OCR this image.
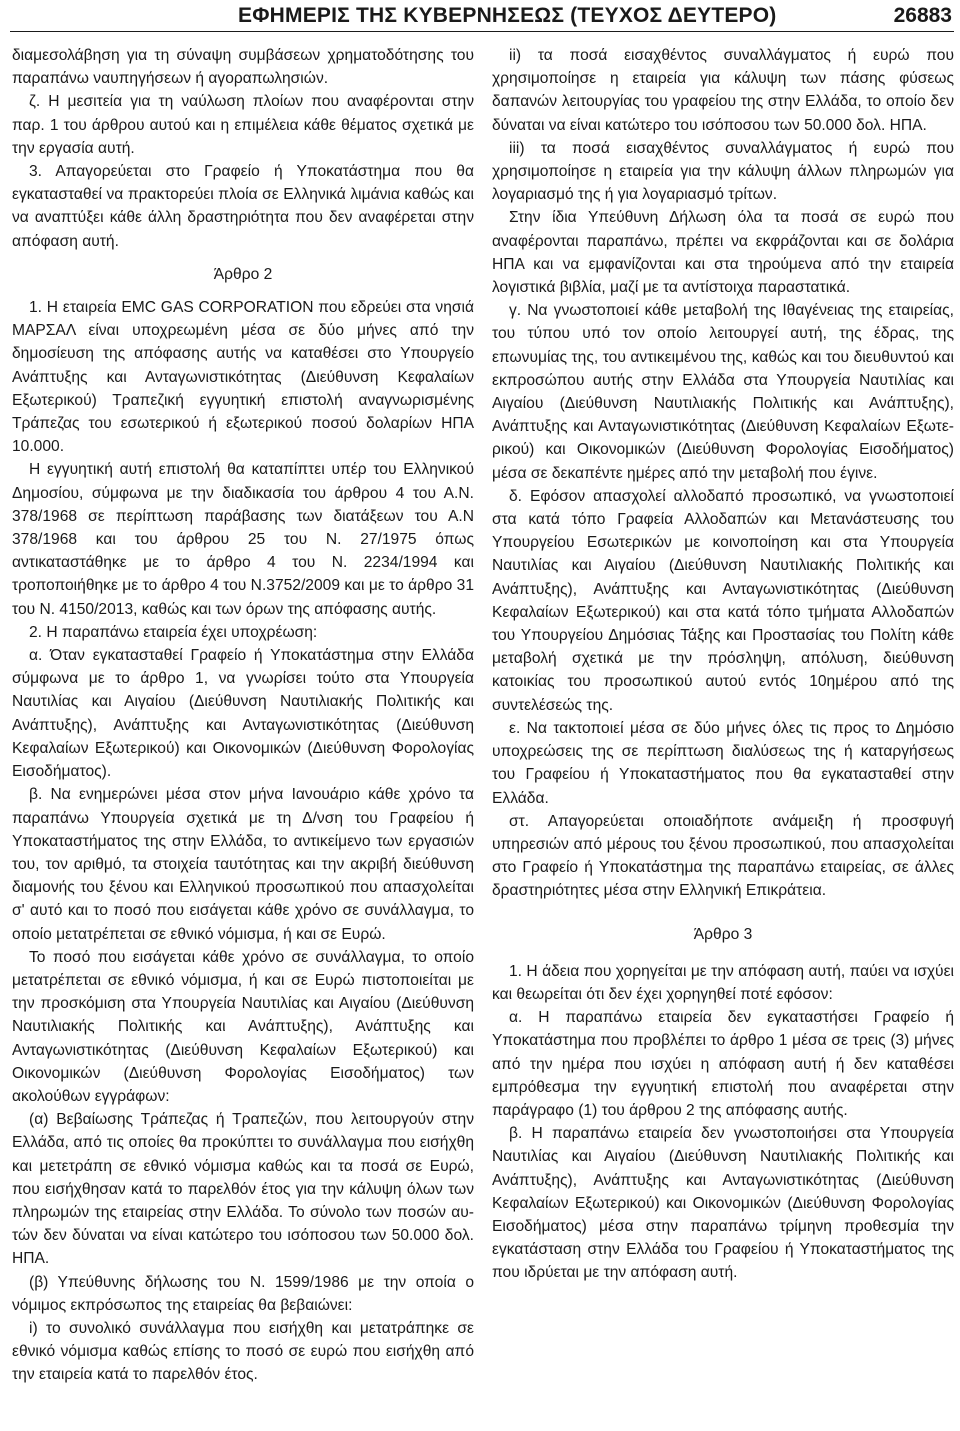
ΕΦΗΜΕΡΙΣ ΤΗΣ ΚΥΒΕΡΝΗΣΕΩΣ (ΤΕΥΧΟΣ ΔΕΥΤΕΡΟ)	26883

διαμεσολάβηση για τη σύναψη συμβάσεων χρηματοδότησης του παραπάνω ναυπηγήσεων ή αγοραπωλησιών.

ζ. Η μεσιτεία για τη ναύλωση πλοίων που αναφέρονται στην παρ. 1 του άρθρου αυτού και η επιμέλεια κάθε θέματος σχετικά με την εργασία αυτή.

3. Απαγορεύεται στο Γραφείο ή Υποκατάστημα που θα εγκατασταθεί να πρακτορεύει πλοία σε Ελληνικά λιμάνια καθώς και να αναπτύξει κάθε άλλη δραστηριότητα που δεν αναφέρεται στην απόφαση αυτή.

Άρθρο 2

1. Η εταιρεία EMC GAS CORPORATION που εδρεύει στα νησιά ΜΑΡΣΑΛ είναι υποχρεωμένη μέσα σε δύο μήνες από την δημοσίευση της απόφασης αυτής να καταθέσει στο Υπουργείο Ανάπτυξης και Ανταγωνιστικότητας (Διεύθυνση Κεφαλαίων Εξωτερικού) Τραπεζική εγγυητική επιστολή αναγνωρισμένης Τράπεζας του εσωτερικού ή εξωτερικού ποσού δολαρίων ΗΠΑ 10.000.

Η εγγυητική αυτή επιστολή θα καταπίπτει υπέρ του Ελληνικού Δημοσίου, σύμφωνα με την διαδικασία του άρθρου 4 του Α.Ν. 378/1968 σε περίπτωση παράβασης των διατάξεων του Α.Ν 378/1968 και του άρθρου 25 του Ν. 27/1975 όπως αντικαταστάθηκε με το άρθρο 4 του Ν. 2234/1994 και τροποποιήθηκε με το άρθρο 4 του Ν.3752/2009 και με το άρθρο 31 του Ν. 4150/2013, καθώς και των όρων της απόφασης αυτής.

2. Η παραπάνω εταιρεία έχει υποχρέωση:

α. Όταν εγκατασταθεί Γραφείο ή Υποκατάστημα στην Ελλάδα σύμφωνα με το άρθρο 1, να γνωρίσει τούτο στα Υπουργεία Ναυτιλίας και Αιγαίου (Διεύθυνση Ναυτιλιακής Πολιτικής και Ανάπτυξης), Ανάπτυξης και Ανταγωνιστικότητας (Διεύθυνση Κεφαλαίων Εξωτερικού) και Οικονομικών (Διεύθυνση Φορολογίας Εισοδήματος).

β. Να ενημερώνει μέσα στον μήνα Ιανουάριο κάθε χρόνο τα παραπάνω Υπουργεία σχετικά με τη Δ/νση του Γραφείου ή Υποκαταστήματος της στην Ελλάδα, το αντικείμενο των εργασιών του, τον αριθμό, τα στοιχεία ταυτότητας και την ακριβή διεύθυνση διαμονής του ξένου και Ελληνικού προσωπικού που απασχολείται σ' αυτό και το ποσό που εισάγεται κάθε χρόνο σε συνάλλαγμα, το οποίο μετατρέπεται σε εθνικό νόμισμα, ή και σε Ευρώ.

Το ποσό που εισάγεται κάθε χρόνο σε συνάλλαγμα, το οποίο μετατρέπεται σε εθνικό νόμισμα, ή και σε Ευρώ πιστοποιείται με την προσκόμιση στα Υπουργεία Ναυτιλίας και Αιγαίου (Διεύθυνση Ναυτιλιακής Πολιτικής και Ανάπτυξης), Ανάπτυξης και Ανταγωνιστικότητας (Διεύθυνση Κεφαλαίων Εξωτερικού) και Οικονομικών (Διεύθυνση Φορολογίας Εισοδήματος) των ακολούθων εγγράφων:

(α) Βεβαίωσης Τράπεζας ή Τραπεζών, που λειτουργούν στην Ελλάδα, από τις οποίες θα προκύπτει το συνάλλαγμα που εισήχθη και μετετράπη σε εθνικό νόμισμα καθώς και τα ποσά σε Ευρώ, που εισήχθησαν κατά το παρελθόν έτος για την κάλυψη όλων των πληρωμών της εταιρείας στην Ελλάδα. Το σύνολο των ποσών αυτών δεν δύναται να είναι κατώτερο του ισόποσου των 50.000 δολ. ΗΠΑ.

(β) Υπεύθυνης δήλωσης του Ν. 1599/1986 με την οποία ο νόμιμος εκπρόσωπος της εταιρείας θα βεβαιώνει:

i) το συνολικό συνάλλαγμα που εισήχθη και μετατράπηκε σε εθνικό νόμισμα καθώς επίσης το ποσό σε ευρώ που εισήχθη από την εταιρεία κατά το παρελθόν έτος.

ii) τα ποσά εισαχθέντος συναλλάγματος ή ευρώ που χρησιμοποίησε η εταιρεία για κάλυψη των πάσης φύσεως δαπανών λειτουργίας του γραφείου της στην Ελλάδα, το οποίο δεν δύναται να είναι κατώτερο του ισόποσου των 50.000 δολ. ΗΠΑ.

iii) τα ποσά εισαχθέντος συναλλάγματος ή ευρώ που χρησιμοποίησε η εταιρεία για την κάλυψη άλλων πληρωμών για λογαριασμό της ή για λογαριασμό τρίτων.

Στην ίδια Υπεύθυνη Δήλωση όλα τα ποσά σε ευρώ που αναφέρονται παραπάνω, πρέπει να εκφράζονται και σε δολάρια ΗΠΑ και να εμφανίζονται και στα τηρούμενα από την εταιρεία λογιστικά βιβλία, μαζί με τα αντίστοιχα παραστατικά.

γ. Να γνωστοποιεί κάθε μεταβολή της Ιθαγένειας της εταιρείας, του τύπου υπό τον οποίο λειτουργεί αυτή, της έδρας, της επωνυμίας της, του αντικειμένου της, καθώς και του διευθυντού και εκπροσώπου αυτής στην Ελλάδα στα Υπουργεία Ναυτιλίας και Αιγαίου (Διεύθυνση Ναυτιλιακής Πολιτικής και Ανάπτυξης), Ανάπτυξης και Ανταγωνιστικότητας (Διεύθυνση Κεφαλαίων Εξωτερικού) και Οικονομικών (Διεύθυνση Φορολογίας Εισοδήματος) μέσα σε δεκαπέντε ημέρες από την μεταβολή που έγινε.

δ. Εφόσον απασχολεί αλλοδαπό προσωπικό, να γνωστοποιεί στα κατά τόπο Γραφεία Αλλοδαπών και Μετανάστευσης του Υπουργείου Εσωτερικών με κοινοποίηση και στα Υπουργεία Ναυτιλίας και Αιγαίου (Διεύθυνση Ναυτιλιακής Πολιτικής και Ανάπτυξης), Ανάπτυξης και Ανταγωνιστικότητας (Διεύθυνση Κεφαλαίων Εξωτερικού) και στα κατά τόπο τμήματα Αλλοδαπών του Υπουργείου Δημόσιας Τάξης και Προστασίας του Πολίτη κάθε μεταβολή σχετικά με την πρόσληψη, απόλυση, διεύθυνση κατοικίας του προσωπικού αυτού εντός 10ημέρου από της συντελέσεώς της.

ε. Να τακτοποιεί μέσα σε δύο μήνες όλες τις προς το Δημόσιο υποχρεώσεις της σε περίπτωση διαλύσεως της ή καταργήσεως του Γραφείου ή Υποκαταστήματος που θα εγκατασταθεί στην Ελλάδα.

στ. Απαγορεύεται οποιαδήποτε ανάμειξη ή προσφυγή υπηρεσιών από μέρους του ξένου προσωπικού, που απασχολείται στο Γραφείο ή Υποκατάστημα της παραπάνω εταιρείας, σε άλλες δραστηριότητες μέσα στην Ελληνική Επικράτεια.

Άρθρο 3

1. Η άδεια που χορηγείται με την απόφαση αυτή, παύει να ισχύει και θεωρείται ότι δεν έχει χορηγηθεί ποτέ εφόσον:

α. Η παραπάνω εταιρεία δεν εγκαταστήσει Γραφείο ή Υποκατάστημα που προβλέπει το άρθρο 1 μέσα σε τρεις (3) μήνες από την ημέρα που ισχύει η απόφαση αυτή ή δεν καταθέσει εμπρόθεσμα την εγγυητική επιστολή που αναφέρεται στην παράγραφο (1) του άρθρου 2 της απόφασης αυτής.

β. Η παραπάνω εταιρεία δεν γνωστοποιήσει στα Υπουργεία Ναυτιλίας και Αιγαίου (Διεύθυνση Ναυτιλιακής Πολιτικής και Ανάπτυξης), Ανάπτυξης και Ανταγωνιστικότητας (Διεύθυνση Κεφαλαίων Εξωτερικού) και Οικονομικών (Διεύθυνση Φορολογίας Εισοδήματος) μέσα στην παραπάνω τρίμηνη προθεσμία την εγκατάσταση στην Ελλάδα του Γραφείου ή Υποκαταστήματος της που ιδρύεται με την απόφαση αυτή.
